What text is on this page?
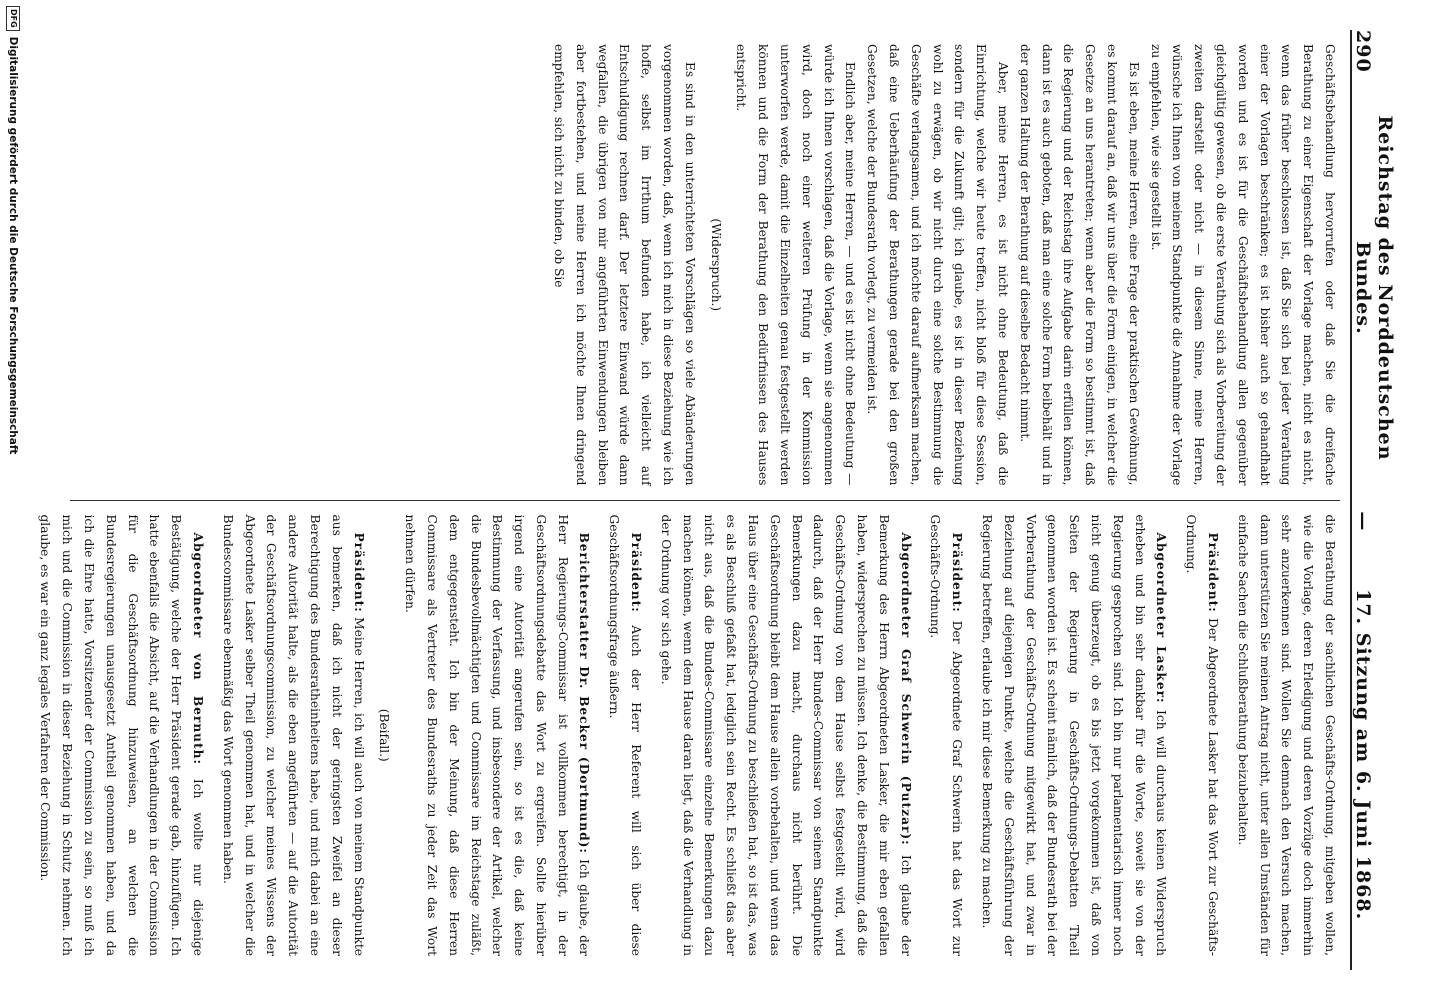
290
Reichstag des Norddeutschen Bundes.
—
17. Sitzung am 6. Juni 1868.

Geschäftsbehandlung hervorrufen oder daß Sie die dreifache Berathung zu einer Eigenschaft der Vorlage machen, nicht es nicht, wenn das früher beschlossen ist, daß Sie sich bei jeder Verathung einer der Vorlagen beschränken; es ist bisher auch so gehandhabt worden und es ist für die Geschäftsbehandlung allen gegenüber gleichgültig gewesen, ob die erste Verathung sich als Vorbereitung der zweiten darstellt oder nicht — in diesem Sinne, meine Herren, wünsche ich Ihnen von meinem Standpunkte die Annahme der Vorlage zu empfehlen, wie sie gestellt ist.

Es ist eben, meine Herren, eine Frage der praktischen Gewöhnung, es kommt darauf an, daß wir uns über die Form einigen, in welcher die Gesetze an uns herantreten; wenn aber die Form so bestimmt ist, daß die Regierung und der Reichstag ihre Aufgabe darin erfüllen können, dann ist es auch geboten, daß man eine solche Form beibehält und in der ganzen Haltung der Berathung auf dieselbe Bedacht nimmt.

Aber, meine Herren, es ist nicht ohne Bedeutung, daß die Einrichtung, welche wir heute treffen, nicht bloß für diese Session, sondern für die Zukunft gilt; ich glaube, es ist in dieser Beziehung wohl zu erwägen, ob wir nicht durch eine solche Bestimmung die Geschäfte verlangsamen, und ich möchte darauf aufmerksam machen, daß eine Ueberhäufung der Berathungen gerade bei den großen Gesetzen, welche der Bundesrath vorlegt, zu vermeiden ist.

Endlich aber, meine Herren, — und es ist nicht ohne Bedeutung — würde ich Ihnen vorschlagen, daß die Vorlage, wenn sie angenommen wird, doch noch einer weiteren Prüfung in der Kommission unterworfen werde, damit die Einzelheiten genau festgestellt werden können und die Form der Berathung den Bedürfnissen des Hauses entspricht.

(Widerspruch.)

Es sind in den unterrichteten Vorschlägen so viele Abänderungen vorgenommen worden, daß, wenn ich mich in diese Beziehung wie ich hoffe, selbst im Irrthum befunden habe, ich vielleicht auf Entschuldigung rechnen darf. Der letztere Einwand würde dann wegfallen, die übrigen von mir angeführten Einwendungen bleiben aber fortbestehen, und meine Herren ich möchte Ihnen dringend empfehlen, sich nicht zu binden, ob Sie

die Berathung der sachlichen Geschäfts-Ordnung, mitgeben wollen, wie die Vorlage, deren Erledigung und deren Vorzüge doch immerhin sehr anzuerkennen sind. Wollen Sie demnach den Versuch machen, dann unterstützen Sie meinen Antrag nicht, unter allen Umständen für einfache Sachen die Schlußberathung beizubehalten.

Präsident: Der Abgeordnete Lasker hat das Wort zur Geschäfts-Ordnung.

Abgeordneter Lasker: Ich will durchaus keinen Widerspruch erheben und bin sehr dankbar für die Worte, soweit sie von der Regierung gesprochen sind. Ich bin nur parlamentarisch immer noch nicht genug überzeugt, ob es bis jetzt vorgekommen ist, daß von Seiten der Regierung in Geschäfts-Ordnungs-Debatten Theil genommen worden ist. Es scheint nämlich, daß der Bundesrath bei der Vorberathung der Geschäfts-Ordnung mitgewirkt hat, und zwar in Beziehung auf diejenigen Punkte, welche die Geschäftsführung der Regierung betreffen, erlaube ich mir diese Bemerkung zu machen.

Präsident: Der Abgeordnete Graf Schwerin hat das Wort zur Geschäfts-Ordnung.

Abgeordneter Graf Schwerin (Putzar): Ich glaube der Bemerkung des Herrn Abgeordneten Lasker, die mir eben gefallen haben, widersprechen zu müssen. Ich denke, die Bestimmung, daß die Geschäfts-Ordnung von dem Hause selbst festgestellt wird, wird dadurch, daß der Herr Bundes-Commissar von seinem Standpunkte Bemerkungen dazu macht, durchaus nicht berührt. Die Geschäftsordnung bleibt dem Hause allein vorbehalten, und wenn das Haus über eine Geschäfts-Ordnung zu beschließen hat, so ist das, was es als Beschluß gefaßt hat, lediglich sein Recht. Es schließt das aber nicht aus, daß die Bundes-Commissare einzelne Bemerkungen dazu machen können, wenn dem Hause daran liegt, daß die Verhandlung in der Ordnung vor sich gehe.

Präsident: Auch der Herr Referent will sich über diese Geschäftsordnungsfrage äußern.

Berichterstatter Dr. Becker (Dortmund): Ich glaube, der Herr Regierungs-Commissar ist vollkommen berechtigt, in der Geschäftsordnungsdebatte das Wort zu ergreifen. Sollte hierüber irgend eine Autorität angerufen sein, so ist es die, daß keine Bestimmung der Verfassung, und insbesondere der Artikel, welcher die Bundesbevollmächtigten und Commissare im Reichstage zuläßt, dem entgegensteht. Ich bin der Meinung, daß diese Herren Commissare als Vertreter des Bundesraths zu jeder Zeit das Wort nehmen dürfen.

(Beifall.)

Präsident: Meine Herren, ich will auch von meinem Standpunkte aus bemerken, daß ich nicht der geringsten Zweifel an dieser Berechtigung des Bundesratheinheitens habe, und mich dabei an eine andere Autorität halte, als die eben angeführten — auf die Autorität der Geschäftsordnungscommission, zu welcher meines Wissens der Abgeordnete Lasker selber Theil genommen hat, und in welcher die Bundescommissare ebenmäßig das Wort genommen haben.

Abgeordneter von Bernuth: Ich wollte nur diejenige Bestätigung, welche der Herr Präsident gerade gab, hinzufügen. Ich hatte ebenfalls die Absicht, auf die Verhandlungen in der Commission für die Geschäftsordnung hinzuweisen, an welchen die Bundesregierungen unausgesetzt Antheil genommen haben, und da ich die Ehre hatte, Vorsitzender der Commission zu sein, so muß ich mich und die Commission in dieser Beziehung in Schutz nehmen. Ich glaube, es war ein ganz legales Verfahren der Commission.

DFG
Digitalisierung gefördert durch die Deutsche Forschungsgemeinschaft
